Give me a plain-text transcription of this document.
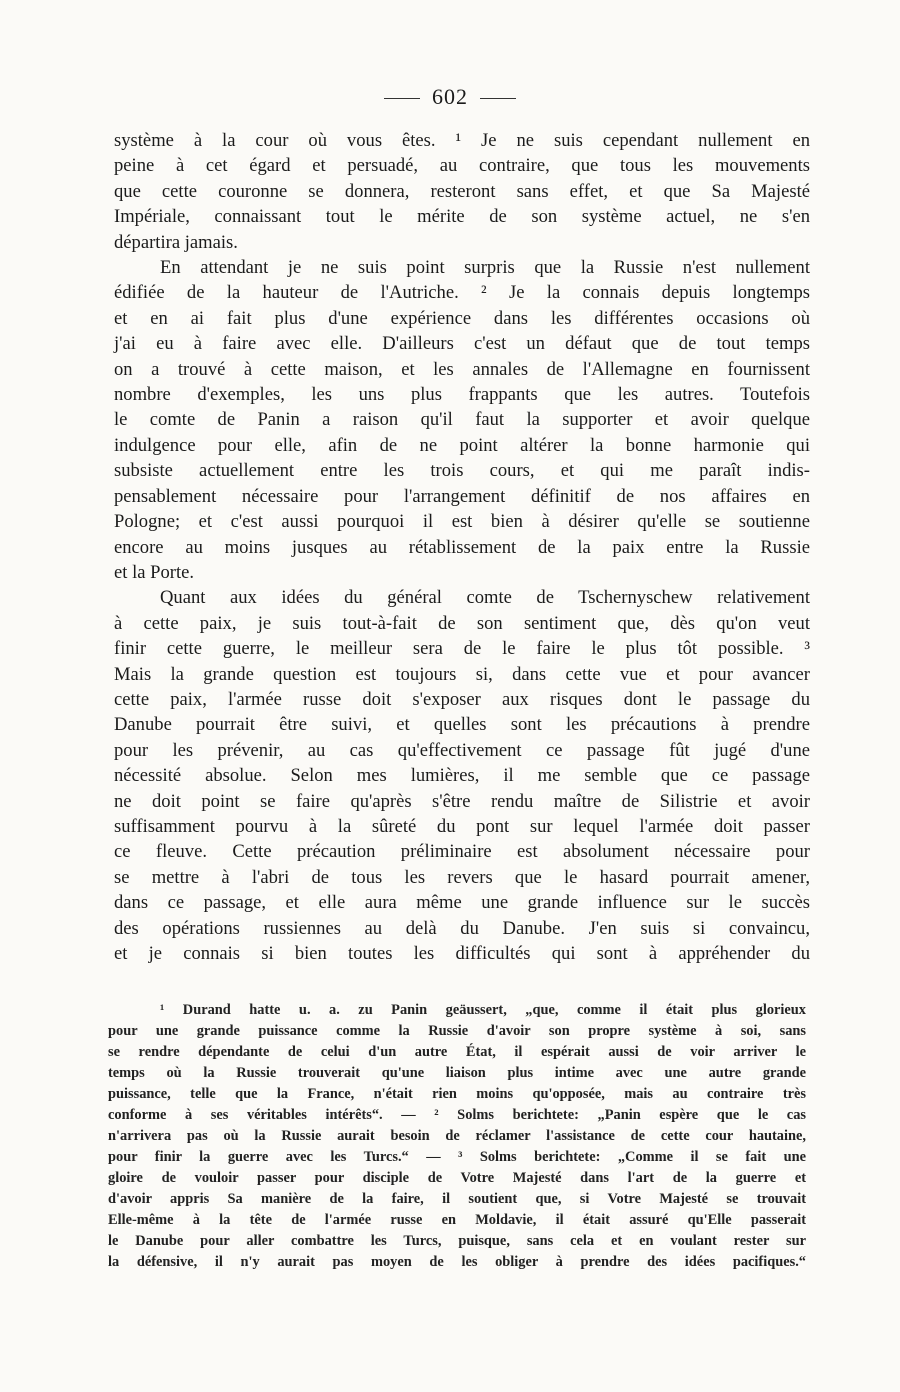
602
système à la cour où vous êtes. ¹ Je ne suis cependant nullement en
peine à cet égard et persuadé, au contraire, que tous les mouvements
que cette couronne se donnera, resteront sans effet, et que Sa Majesté
Impériale, connaissant tout le mérite de son système actuel, ne s'en
départira jamais.
En attendant je ne suis point surpris que la Russie n'est nullement
édifiée de la hauteur de l'Autriche. ² Je la connais depuis longtemps
et en ai fait plus d'une expérience dans les différentes occasions où
j'ai eu à faire avec elle. D'ailleurs c'est un défaut que de tout temps
on a trouvé à cette maison, et les annales de l'Allemagne en fournissent
nombre d'exemples, les uns plus frappants que les autres. Toutefois
le comte de Panin a raison qu'il faut la supporter et avoir quelque
indulgence pour elle, afin de ne point altérer la bonne harmonie qui
subsiste actuellement entre les trois cours, et qui me paraît indis-
pensablement nécessaire pour l'arrangement définitif de nos affaires en
Pologne; et c'est aussi pourquoi il est bien à désirer qu'elle se soutienne
encore au moins jusques au rétablissement de la paix entre la Russie
et la Porte.
Quant aux idées du général comte de Tschernyschew relativement
à cette paix, je suis tout-à-fait de son sentiment que, dès qu'on veut
finir cette guerre, le meilleur sera de le faire le plus tôt possible. ³
Mais la grande question est toujours si, dans cette vue et pour avancer
cette paix, l'armée russe doit s'exposer aux risques dont le passage du
Danube pourrait être suivi, et quelles sont les précautions à prendre
pour les prévenir, au cas qu'effectivement ce passage fût jugé d'une
nécessité absolue. Selon mes lumières, il me semble que ce passage
ne doit point se faire qu'après s'être rendu maître de Silistrie et avoir
suffisamment pourvu à la sûreté du pont sur lequel l'armée doit passer
ce fleuve. Cette précaution préliminaire est absolument nécessaire pour
se mettre à l'abri de tous les revers que le hasard pourrait amener,
dans ce passage, et elle aura même une grande influence sur le succès
des opérations russiennes au delà du Danube. J'en suis si convaincu,
et je connais si bien toutes les difficultés qui sont à appréhender du
¹ Durand hatte u. a. zu Panin geäussert, „que, comme il était plus glorieux
pour une grande puissance comme la Russie d'avoir son propre système à soi, sans
se rendre dépendante de celui d'un autre État, il espérait aussi de voir arriver le
temps où la Russie trouverait qu'une liaison plus intime avec une autre grande
puissance, telle que la France, n'était rien moins qu'opposée, mais au contraire très
conforme à ses véritables intérêts“. — ² Solms berichtete: „Panin espère que le cas
n'arrivera pas où la Russie aurait besoin de réclamer l'assistance de cette cour hautaine,
pour finir la guerre avec les Turcs.“ — ³ Solms berichtete: „Comme il se fait une
gloire de vouloir passer pour disciple de Votre Majesté dans l'art de la guerre et
d'avoir appris Sa manière de la faire, il soutient que, si Votre Majesté se trouvait
Elle-même à la tête de l'armée russe en Moldavie, il était assuré qu'Elle passerait
le Danube pour aller combattre les Turcs, puisque, sans cela et en voulant rester sur
la défensive, il n'y aurait pas moyen de les obliger à prendre des idées pacifiques.“
